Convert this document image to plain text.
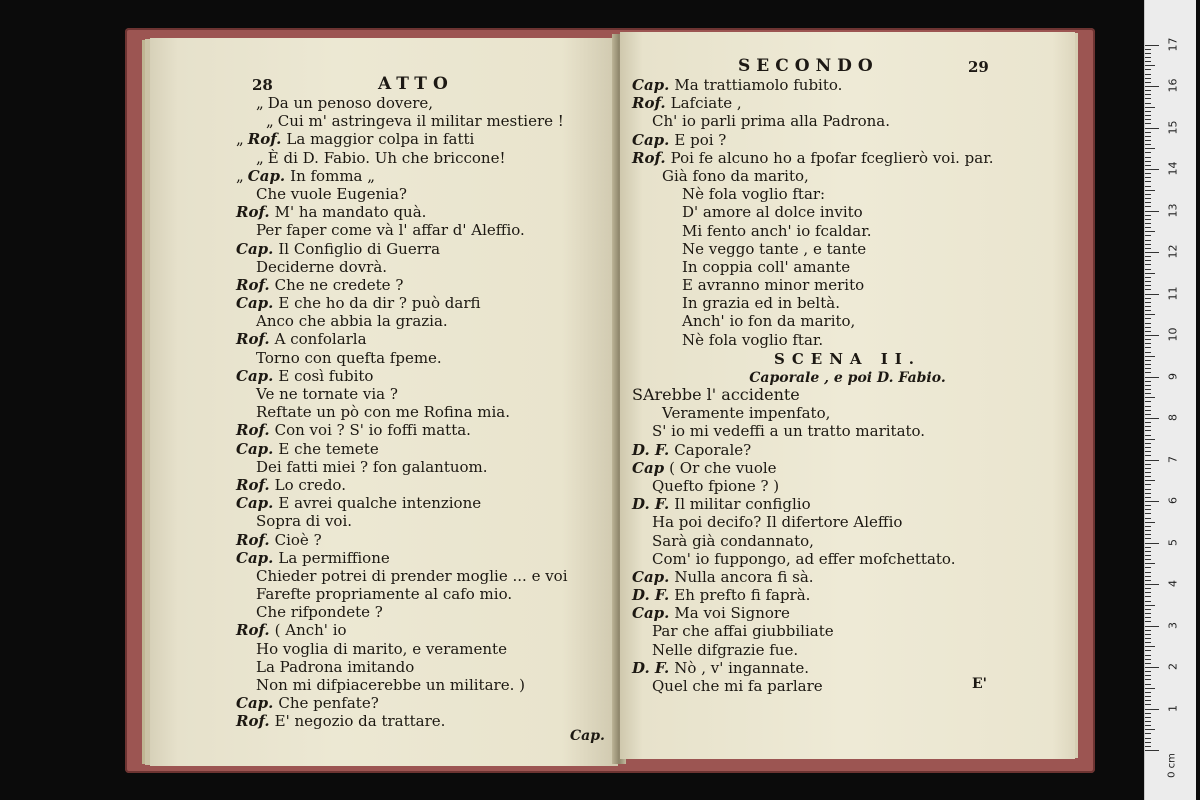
28	ATTO
„ Da un penoso dovere,
„ Cui m' astringeva il militar mestiere !
„ Rof. La maggior colpa in fatti
„ È di D. Fabio. Uh che briccone!
„ Cap. In fomma „
Che vuole Eugenia?
Rof. M' ha mandato quà.
Per faper come và l' affar d' Aleffio.
Cap. Il Configlio di Guerra
Deciderne dovrà.
Rof. Che ne credete ?
Cap. E che ho da dir ? può darfi
Anco che abbia la grazia.
Rof. A confolarla
Torno con quefta fpeme.
Cap. E così fubito
Ve ne tornate via ?
Reftate un pò con me Rofina mia.
Rof. Con voi ? S' io foffi matta.
Cap. E che temete
Dei fatti miei ? fon galantuom.
Rof. Lo credo.
Cap. E avrei qualche intenzione
Sopra di voi.
Rof. Cioè ?
Cap. La permiffione
Chieder potrei di prender moglie ... e voi
Farefte propriamente al cafo mio.
Che rifpondete ?
Rof. ( Anch' io
Ho voglia di marito, e veramente
La Padrona imitando
Non mi difpiacerebbe un militare. )
Cap. Che penfate?
Rof. E' negozio da trattare.
Cap.
SECONDO	29
Cap. Ma trattiamolo fubito.
Rof. Lafciate ,
Ch' io parli prima alla Padrona.
Cap. E poi ?
Rof. Poi fe alcuno ho a fpofar fceglierò voi. par.
Già fono da marito,
Nè fola voglio ftar:
D' amore al dolce invito
Mi fento anch' io fcaldar.
Ne veggo tante , e tante
In coppia coll' amante
E avranno minor merito
In grazia ed in beltà.
Anch' io fon da marito,
Nè fola voglio ftar.
SCENA II.
Caporale , e poi D. Fabio.
SArebbe l' accidente
Veramente impenfato,
S' io mi vedeffi a un tratto maritato.
D. F. Caporale?
Cap ( Or che vuole
Quefto fpione ? )
D. F. Il militar configlio
Ha poi decifo? Il difertore Aleffio
Sarà già condannato,
Com' io fuppongo, ad effer mofchettato.
Cap. Nulla ancora fi sà.
D. F. Eh prefto fi faprà.
Cap. Ma voi Signore
Par che affai giubbiliate
Nelle difgrazie fue.
D. F. Nò , v' ingannate.
Quel che mi fa parlare	E'
0 cm
1
2
3
4
5
6
7
8
9
10
11
12
13
14
15
16
17
